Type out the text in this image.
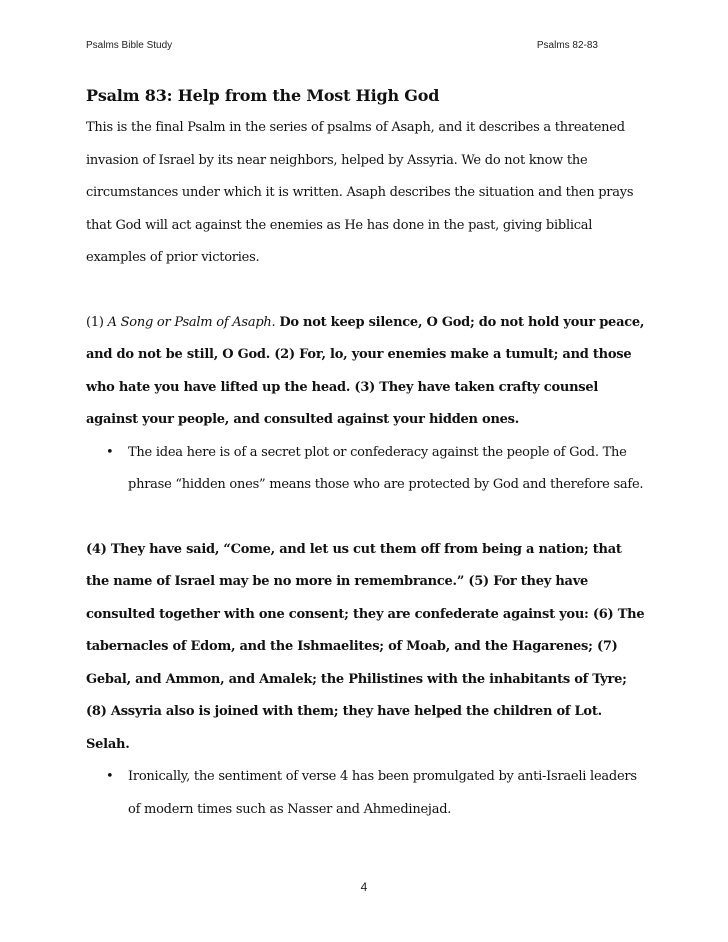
Psalms Bible Study	Psalms 82-83
Psalm 83: Help from the Most High God

This is the final Psalm in the series of psalms of Asaph, and it describes a threatened invasion of Israel by its near neighbors, helped by Assyria. We do not know the circumstances under which it is written. Asaph describes the situation and then prays that God will act against the enemies as He has done in the past, giving biblical examples of prior victories.

(1) A Song or Psalm of Asaph. Do not keep silence, O God; do not hold your peace, and do not be still, O God. (2) For, lo, your enemies make a tumult; and those who hate you have lifted up the head. (3) They have taken crafty counsel against your people, and consulted against your hidden ones.

• The idea here is of a secret plot or confederacy against the people of God. The phrase “hidden ones” means those who are protected by God and therefore safe.

(4) They have said, “Come, and let us cut them off from being a nation; that the name of Israel may be no more in remembrance.” (5) For they have consulted together with one consent; they are confederate against you: (6) The tabernacles of Edom, and the Ishmaelites; of Moab, and the Hagarenes; (7) Gebal, and Ammon, and Amalek; the Philistines with the inhabitants of Tyre; (8) Assyria also is joined with them; they have helped the children of Lot. Selah.

• Ironically, the sentiment of verse 4 has been promulgated by anti-Israeli leaders of modern times such as Nasser and Ahmedinejad.
4
